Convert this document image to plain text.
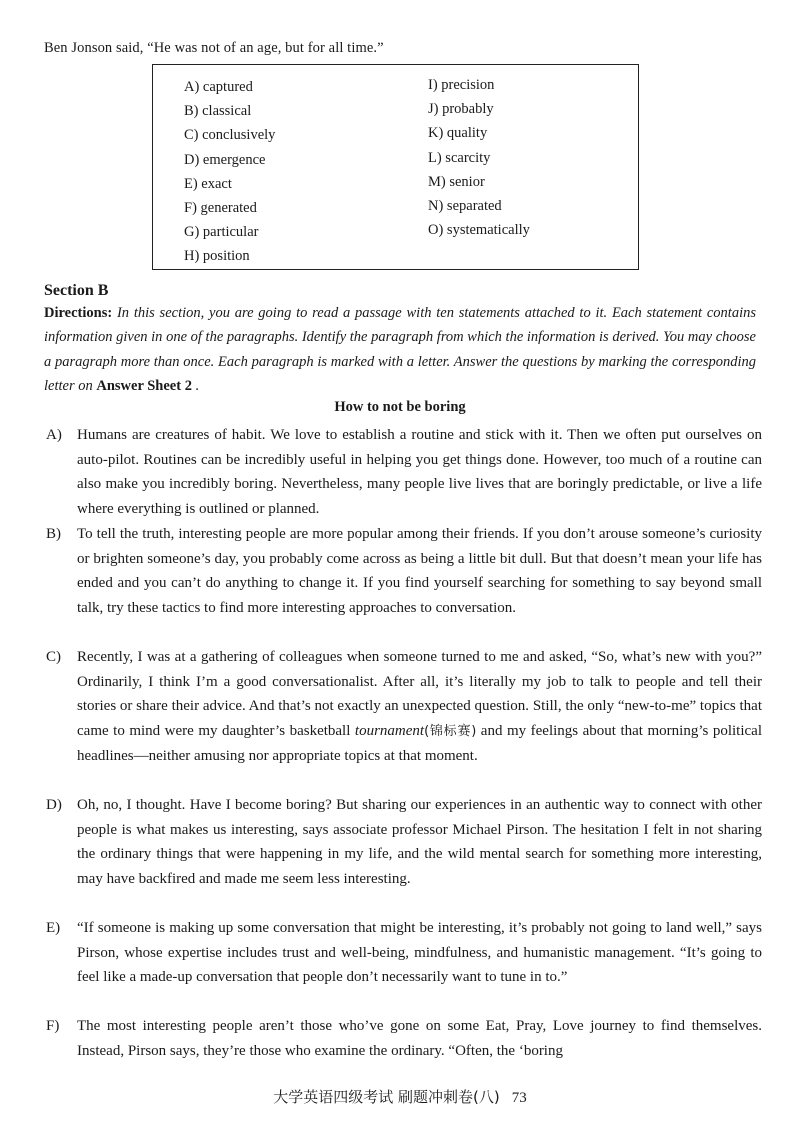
Ben Jonson said, “He was not of an age, but for all time.”
A) captured
B) classical
C) conclusively
D) emergence
E) exact
F) generated
G) particular
H) position
I) precision
J) probably
K) quality
L) scarcity
M) senior
N) separated
O) systematically
Section B
Directions: In this section, you are going to read a passage with ten statements attached to it. Each statement contains information given in one of the paragraphs. Identify the paragraph from which the information is derived. You may choose a paragraph more than once. Each paragraph is marked with a letter. Answer the questions by marking the corresponding letter on Answer Sheet 2 .
How to not be boring
A) Humans are creatures of habit. We love to establish a routine and stick with it. Then we often put ourselves on auto-pilot. Routines can be incredibly useful in helping you get things done. However, too much of a routine can also make you incredibly boring. Nevertheless, many people live lives that are boringly predictable, or live a life where everything is outlined or planned.
B) To tell the truth, interesting people are more popular among their friends. If you don’t arouse someone’s curiosity or brighten someone’s day, you probably come across as being a little bit dull. But that doesn’t mean your life has ended and you can’t do anything to change it. If you find yourself searching for something to say beyond small talk, try these tactics to find more interesting approaches to conversation.
C) Recently, I was at a gathering of colleagues when someone turned to me and asked, “So, what’s new with you?” Ordinarily, I think I’m a good conversationalist. After all, it’s literally my job to talk to people and tell their stories or share their advice. And that’s not exactly an unexpected question. Still, the only “new-to-me” topics that came to mind were my daughter’s basketball tournament(锦标赛) and my feelings about that morning’s political headlines—neither amusing nor appropriate topics at that moment.
D) Oh, no, I thought. Have I become boring? But sharing our experiences in an authentic way to connect with other people is what makes us interesting, says associate professor Michael Pirson. The hesitation I felt in not sharing the ordinary things that were happening in my life, and the wild mental search for something more interesting, may have backfired and made me seem less interesting.
E) “If someone is making up some conversation that might be interesting, it’s probably not going to land well,” says Pirson, whose expertise includes trust and well-being, mindfulness, and humanistic management. “It’s going to feel like a made-up conversation that people don’t necessarily want to tune in to.”
F) The most interesting people aren’t those who’ve gone on some Eat, Pray, Love journey to find themselves. Instead, Pirson says, they’re those who examine the ordinary. “Often, the ‘boring
大学英语四级考试 刷题冲刺卷(八) 73
